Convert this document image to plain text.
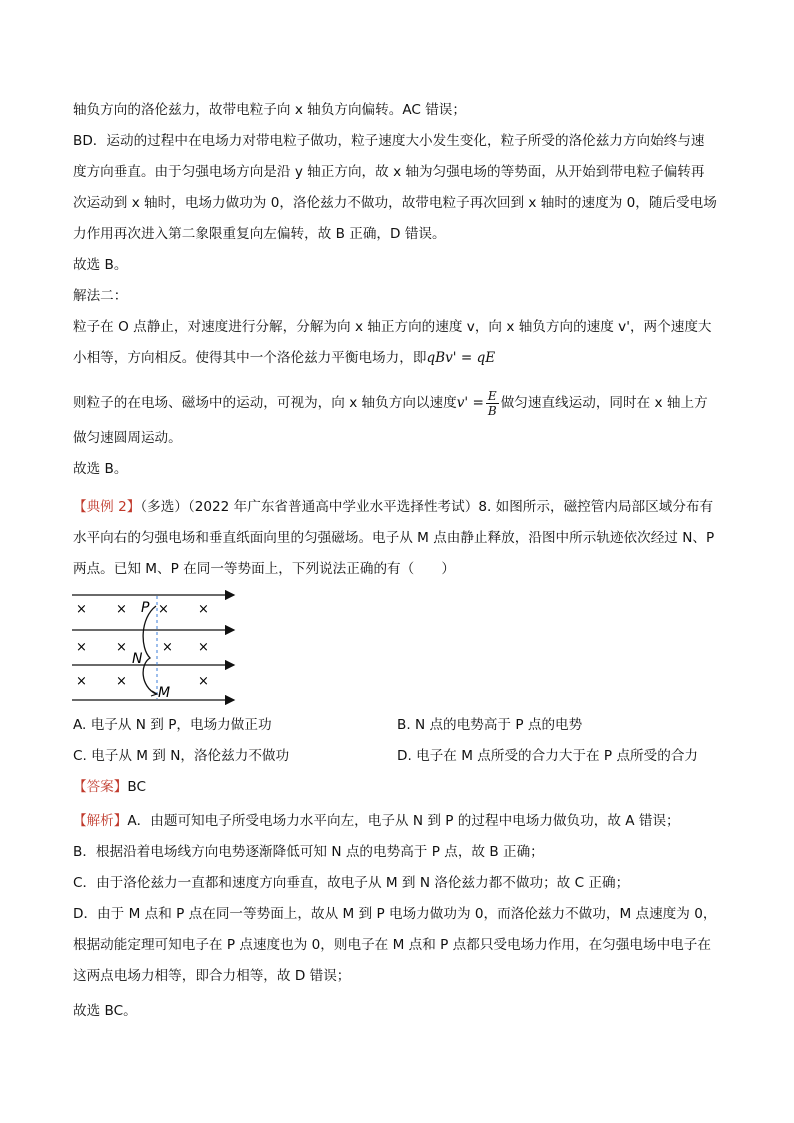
轴负方向的洛伦兹力，故带电粒子向 x 轴负方向偏转。AC 错误；
BD．运动的过程中在电场力对带电粒子做功，粒子速度大小发生变化，粒子所受的洛伦兹力方向始终与速
度方向垂直。由于匀强电场方向是沿 y 轴正方向，故 x 轴为匀强电场的等势面，从开始到带电粒子偏转再
次运动到 x 轴时，电场力做功为 0，洛伦兹力不做功，故带电粒子再次回到 x 轴时的速度为 0，随后受电场
力作用再次进入第二象限重复向左偏转，故 B 正确，D 错误。
故选 B。
解法二：
粒子在 O 点静止，对速度进行分解，分解为向 x 轴正方向的速度 v，向 x 轴负方向的速度 v'，两个速度大
小相等，方向相反。使得其中一个洛伦兹力平衡电场力，即qBv' = qE
则粒子的在电场、磁场中的运动，可视为，向 x 轴负方向以速度$v' = \frac{E}{B}$ 做匀速直线运动，同时在 x 轴上方
做匀速圆周运动。
故选 B。
【典例 2】（多选）（2022 年广东省普通高中学业水平选择性考试）8. 如图所示，磁控管内局部区域分布有
水平向右的匀强电场和垂直纸面向里的匀强磁场。电子从 M 点由静止释放，沿图中所示轨迹依次经过 N、P
两点。已知 M、P 在同一等势面上，下列说法正确的有（　　）
× × × ×
× ×	× ×
× ×	×
P
N
M
A. 电子从 N 到 P，电场力做正功	B. N 点的电势高于 P 点的电势
C. 电子从 M 到 N，洛伦兹力不做功	D. 电子在 M 点所受的合力大于在 P 点所受的合力
【答案】BC
【解析】A．由题可知电子所受电场力水平向左，电子从 N 到 P 的过程中电场力做负功，故 A 错误；
B．根据沿着电场线方向电势逐渐降低可知 N 点的电势高于 P 点，故 B 正确；
C．由于洛伦兹力一直都和速度方向垂直，故电子从 M 到 N 洛伦兹力都不做功；故 C 正确；
D．由于 M 点和 P 点在同一等势面上，故从 M 到 P 电场力做功为 0，而洛伦兹力不做功，M 点速度为 0，
根据动能定理可知电子在 P 点速度也为 0，则电子在 M 点和 P 点都只受电场力作用，在匀强电场中电子在
这两点电场力相等，即合力相等，故 D 错误；
故选 BC。
